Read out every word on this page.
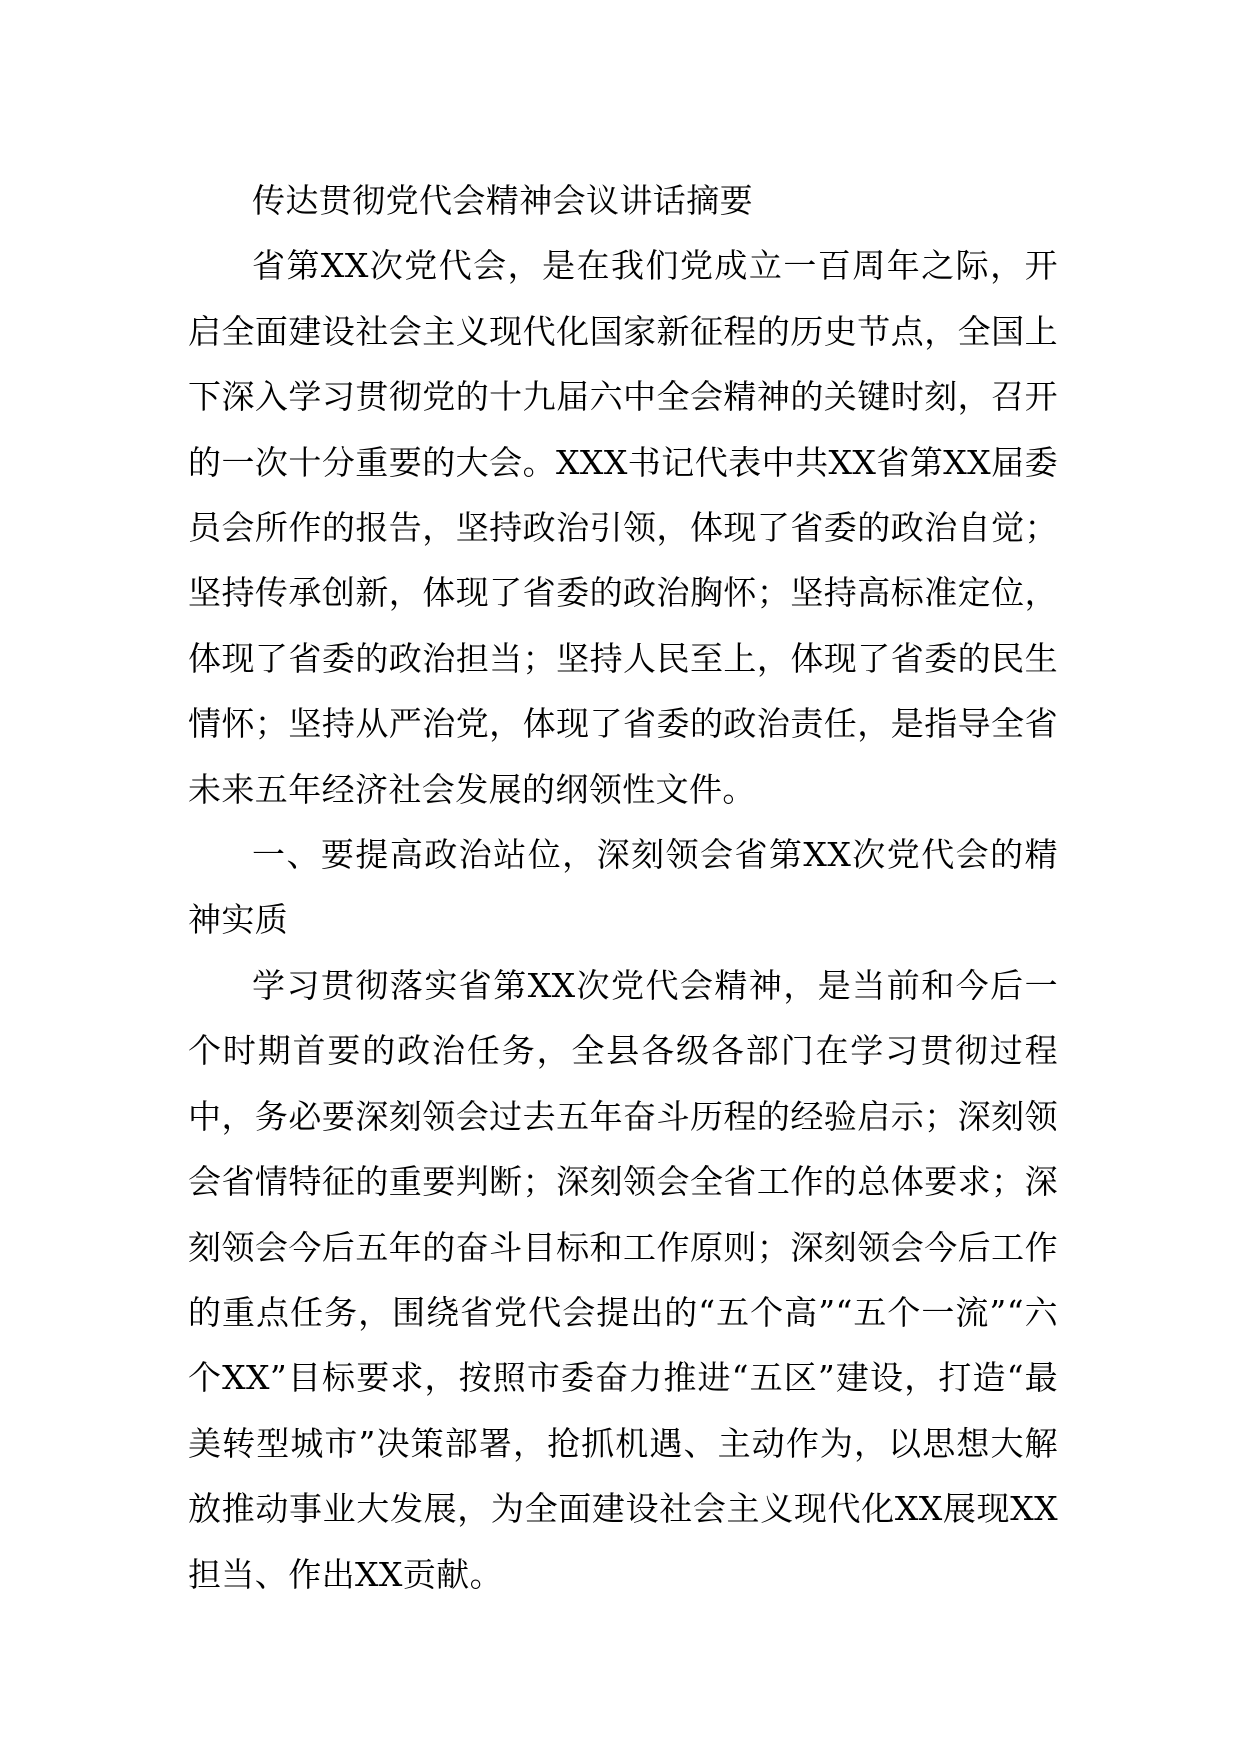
传达贯彻党代会精神会议讲话摘要

省第XX次党代会，是在我们党成立一百周年之际，开启全面建设社会主义现代化国家新征程的历史节点，全国上下深入学习贯彻党的十九届六中全会精神的关键时刻，召开的一次十分重要的大会。XXX书记代表中共XX省第XX届委员会所作的报告，坚持政治引领，体现了省委的政治自觉；坚持传承创新，体现了省委的政治胸怀；坚持高标准定位，体现了省委的政治担当；坚持人民至上，体现了省委的民生情怀；坚持从严治党，体现了省委的政治责任，是指导全省未来五年经济社会发展的纲领性文件。

一、要提高政治站位，深刻领会省第XX次党代会的精神实质

学习贯彻落实省第XX次党代会精神，是当前和今后一个时期首要的政治任务，全县各级各部门在学习贯彻过程中，务必要深刻领会过去五年奋斗历程的经验启示；深刻领会省情特征的重要判断；深刻领会全省工作的总体要求；深刻领会今后五年的奋斗目标和工作原则；深刻领会今后工作的重点任务，围绕省党代会提出的“五个高”“五个一流”“六个XX”目标要求，按照市委奋力推进“五区”建设，打造“最美转型城市”决策部署，抢抓机遇、主动作为，以思想大解放推动事业大发展，为全面建设社会主义现代化XX展现XX担当、作出XX贡献。
